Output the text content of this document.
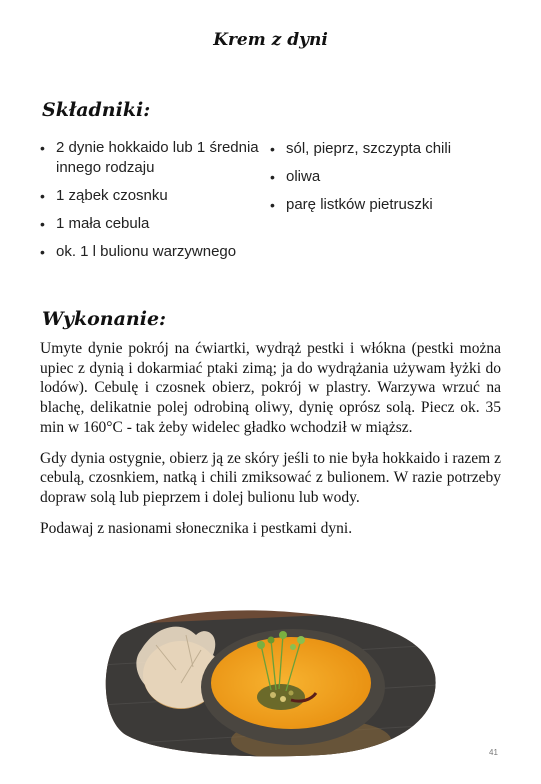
Krem z dyni
Składniki:
• 2 dynie hokkaido lub 1 średnia innego rodzaju
• 1 ząbek czosnku
• 1 mała cebula
• ok. 1 l bulionu warzywnego
• sól, pieprz, szczypta chili
• oliwa
• parę listków pietruszki
Wykonanie:

Umyte dynie pokrój na ćwiartki, wydrąż pestki i włókna (pestki można upiec z dynią i dokarmiać ptaki zimą; ja do wydrążania używam łyżki do lodów). Cebulę i czosnek obierz, pokrój w plastry. Warzywa wrzuć na blachę, delikatnie polej odrobiną oliwy, dynię oprósz solą. Piecz ok. 35 min w 160°C - tak żeby widelec gładko wchodził w miąższ.

Gdy dynia ostygnie, obierz ją ze skóry jeśli to nie była hokkaido i razem z cebulą, czosnkiem, natką i chili zmiksować z bulionem. W razie potrzeby dopraw solą lub pieprzem i dolej bulionu lub wody.

Podawaj z nasionami słonecznika i pestkami dyni.

41
